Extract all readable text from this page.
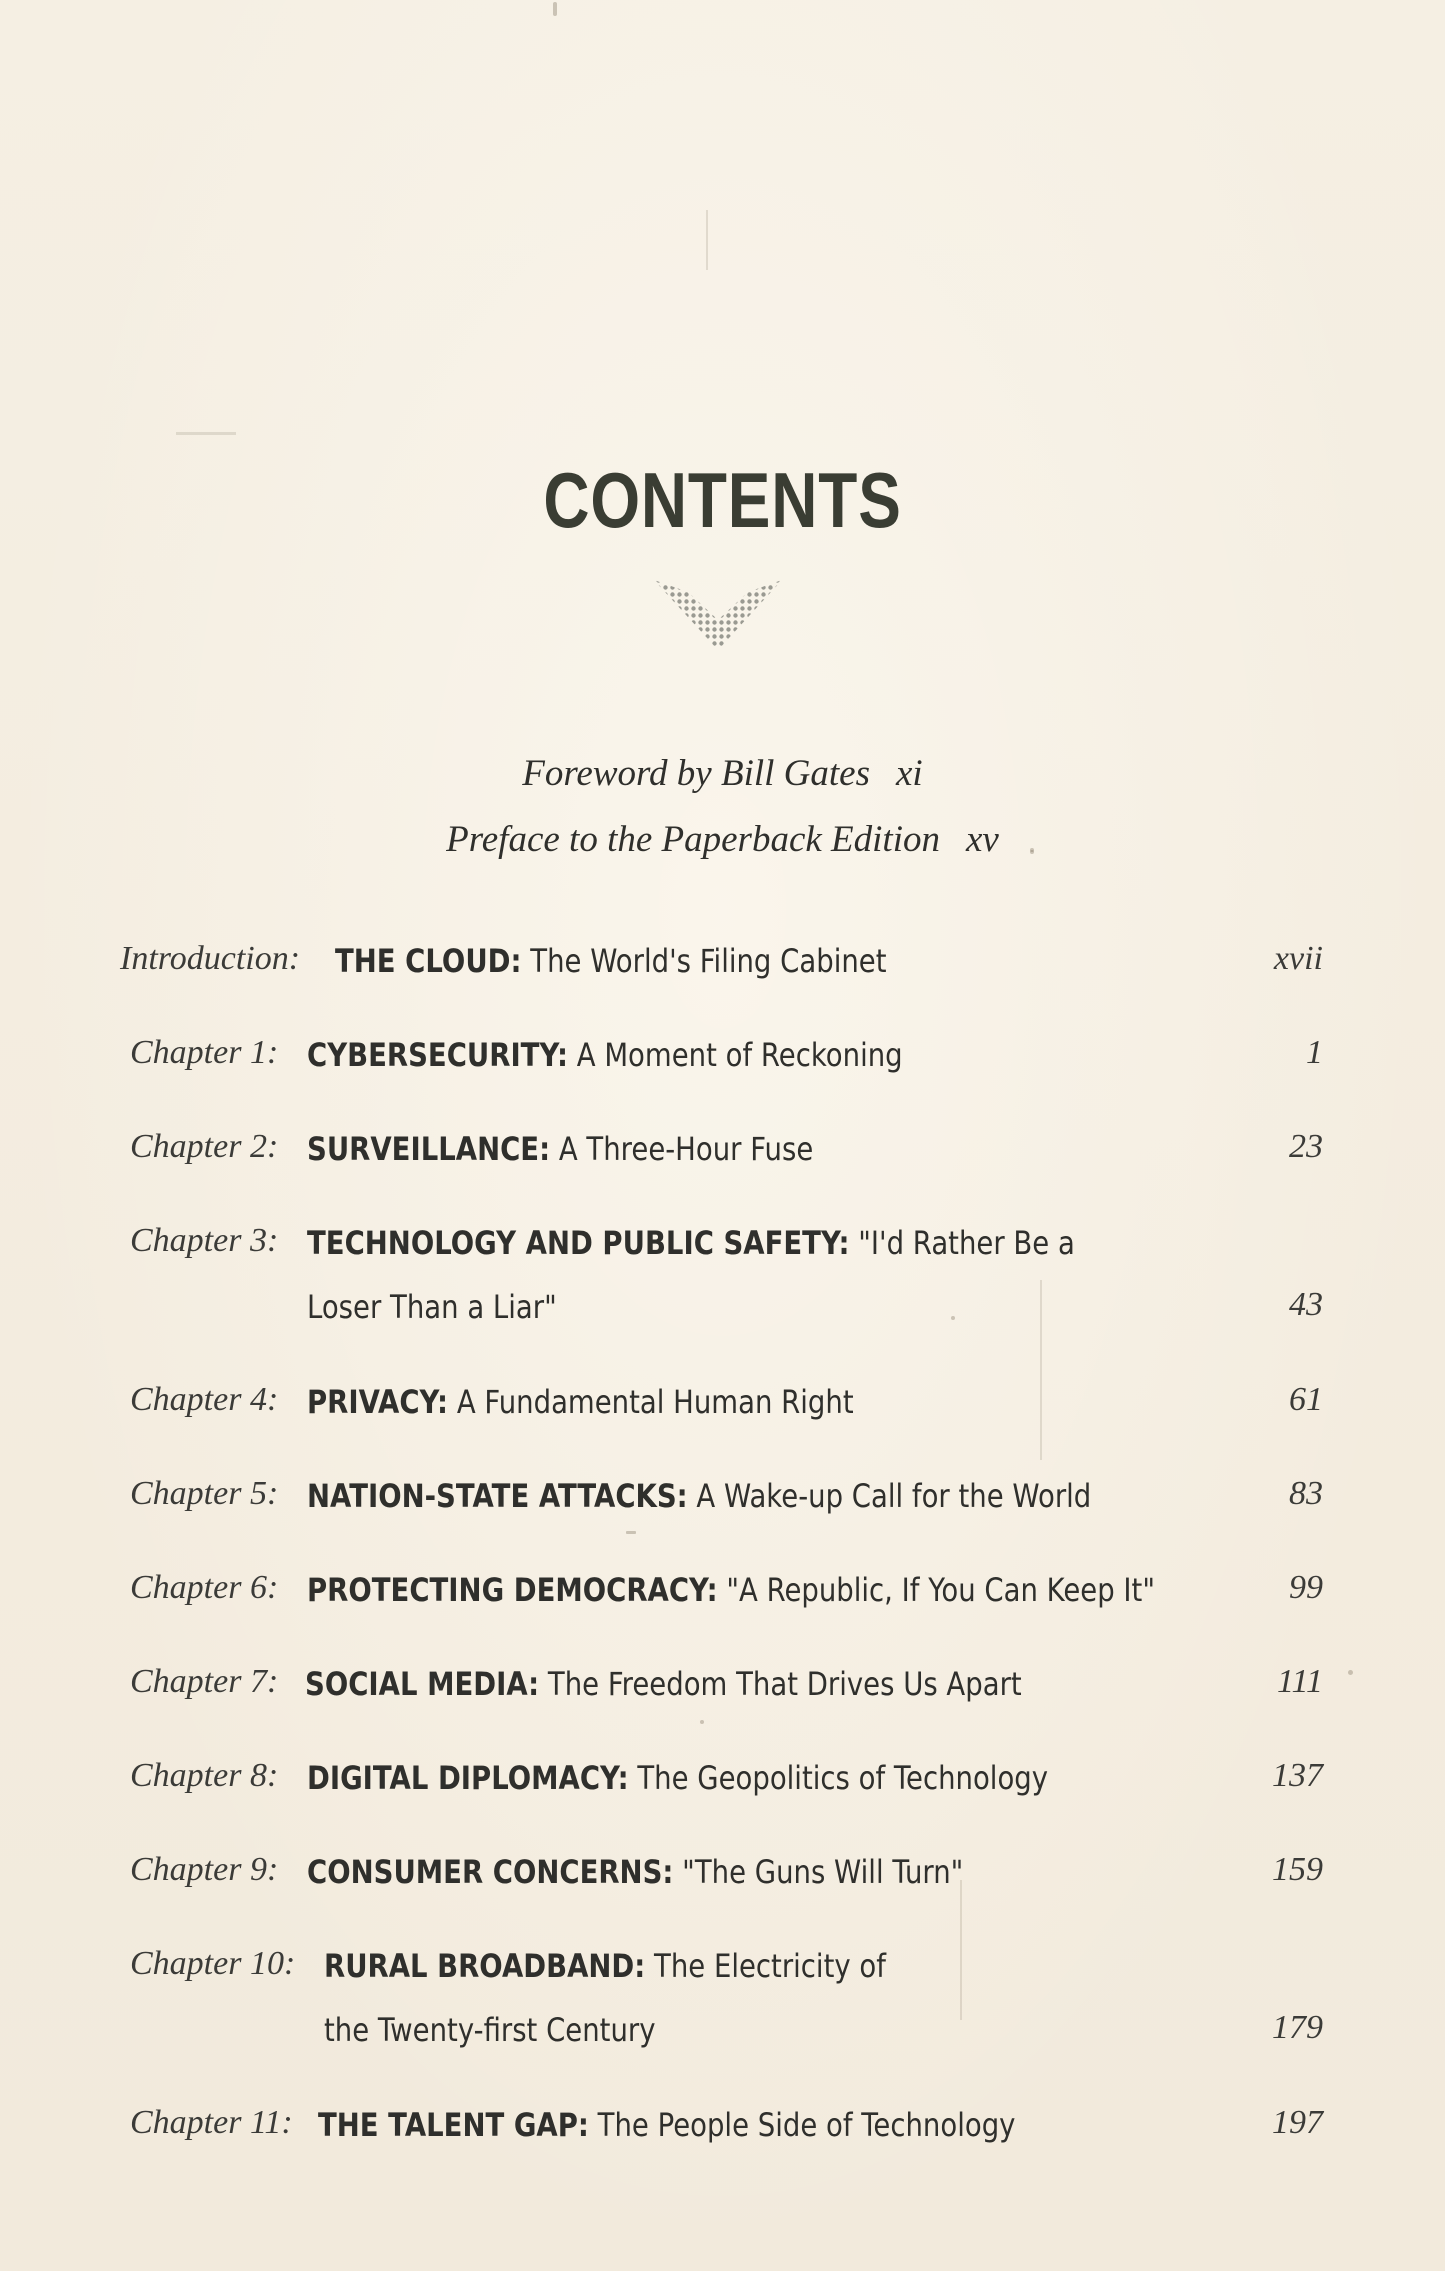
CONTENTS
Foreword by Bill Gates xi
Preface to the Paperback Edition xv
Introduction: THE CLOUD: The World's Filing Cabinet	xvii
Chapter 1: CYBERSECURITY: A Moment of Reckoning	1
Chapter 2: SURVEILLANCE: A Three-Hour Fuse	23
Chapter 3: TECHNOLOGY AND PUBLIC SAFETY: "I'd Rather Be a
Loser Than a Liar"	43
Chapter 4: PRIVACY: A Fundamental Human Right	61
Chapter 5: NATION-STATE ATTACKS: A Wake-up Call for the World	83
Chapter 6: PROTECTING DEMOCRACY: "A Republic, If You Can Keep It"	99
Chapter 7: SOCIAL MEDIA: The Freedom That Drives Us Apart	111
Chapter 8: DIGITAL DIPLOMACY: The Geopolitics of Technology	137
Chapter 9: CONSUMER CONCERNS: "The Guns Will Turn"	159
Chapter 10: RURAL BROADBAND: The Electricity of
the Twenty-first Century	179
Chapter 11: THE TALENT GAP: The People Side of Technology	197
